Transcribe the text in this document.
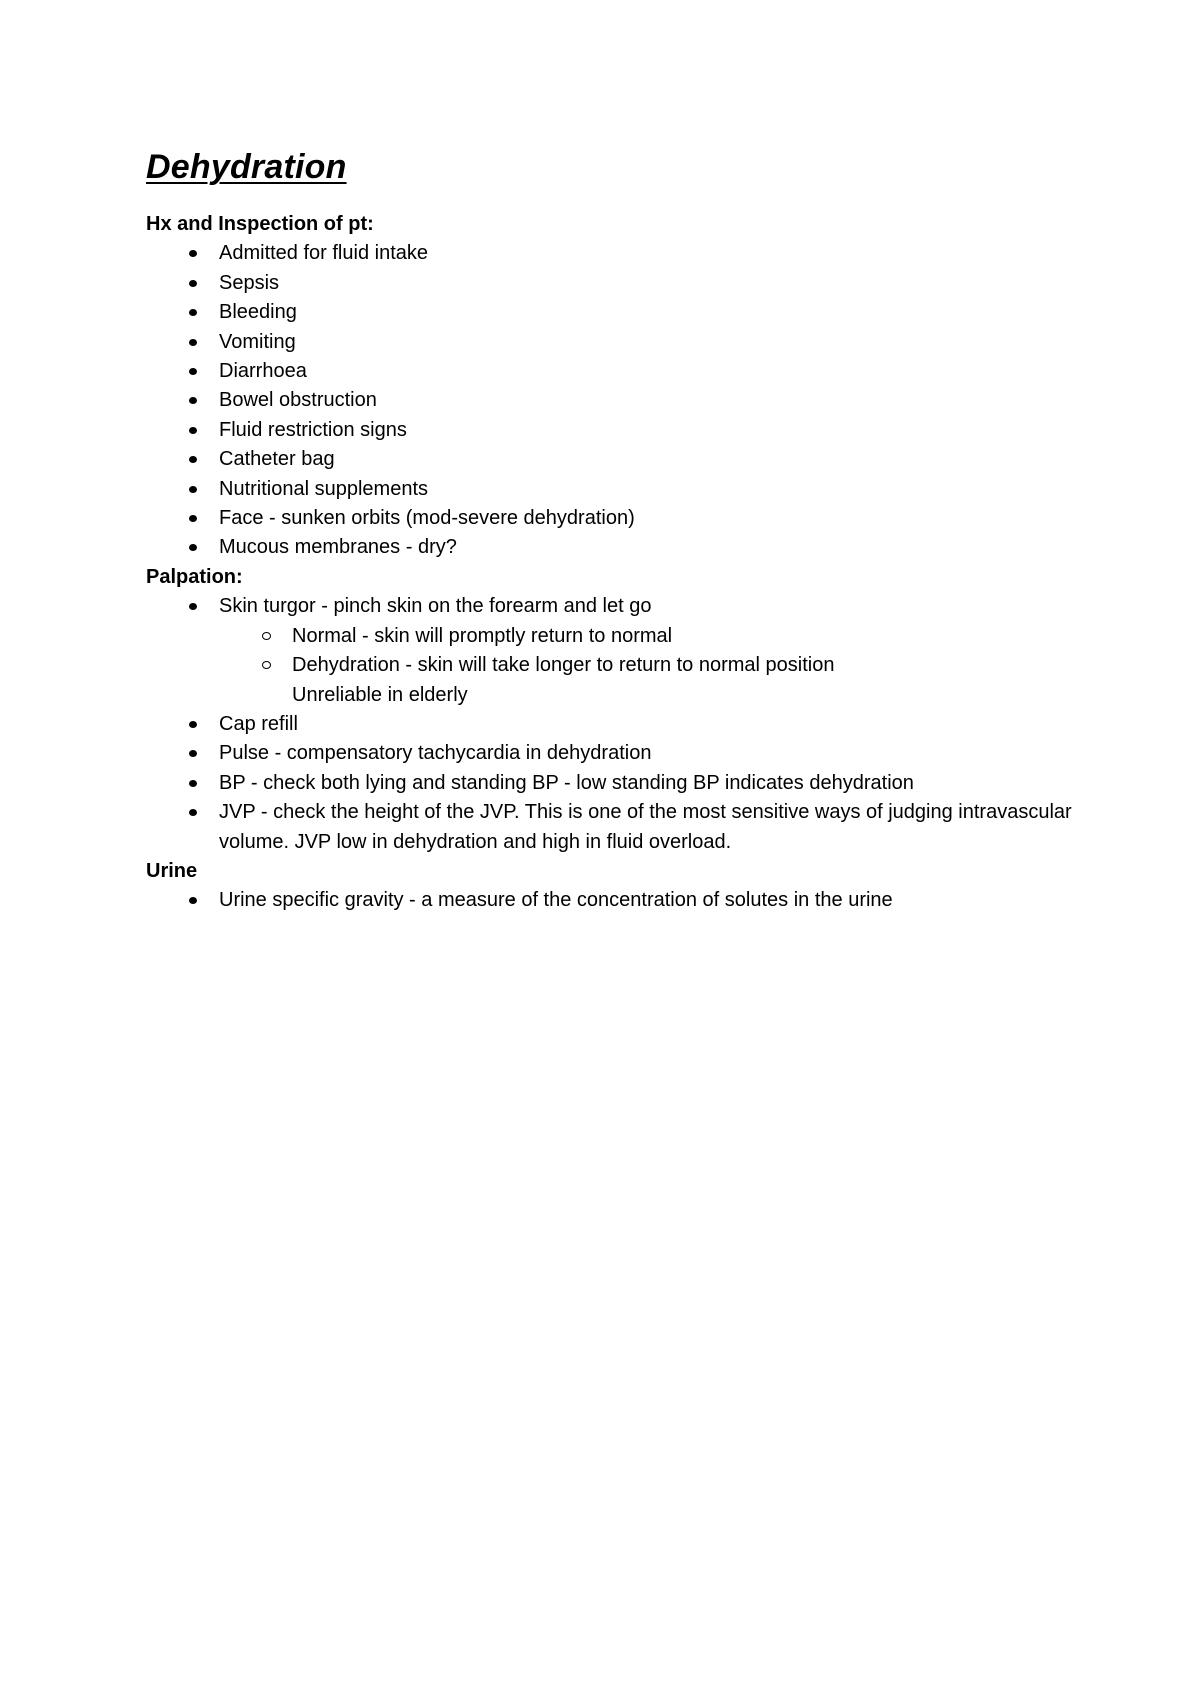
Dehydration
Hx and Inspection of pt:
Admitted for fluid intake
Sepsis
Bleeding
Vomiting
Diarrhoea
Bowel obstruction
Fluid restriction signs
Catheter bag
Nutritional supplements
Face - sunken orbits (mod-severe dehydration)
Mucous membranes - dry?
Palpation:
Skin turgor - pinch skin on the forearm and let go
Normal - skin will promptly return to normal
Dehydration - skin will take longer to return to normal position
Unreliable in elderly
Cap refill
Pulse - compensatory tachycardia in dehydration
BP - check both lying and standing BP - low standing BP indicates dehydration
JVP - check the height of the JVP. This is one of the most sensitive ways of judging intravascular volume. JVP low in dehydration and high in fluid overload.
Urine
Urine specific gravity - a measure of the concentration of solutes in the urine
